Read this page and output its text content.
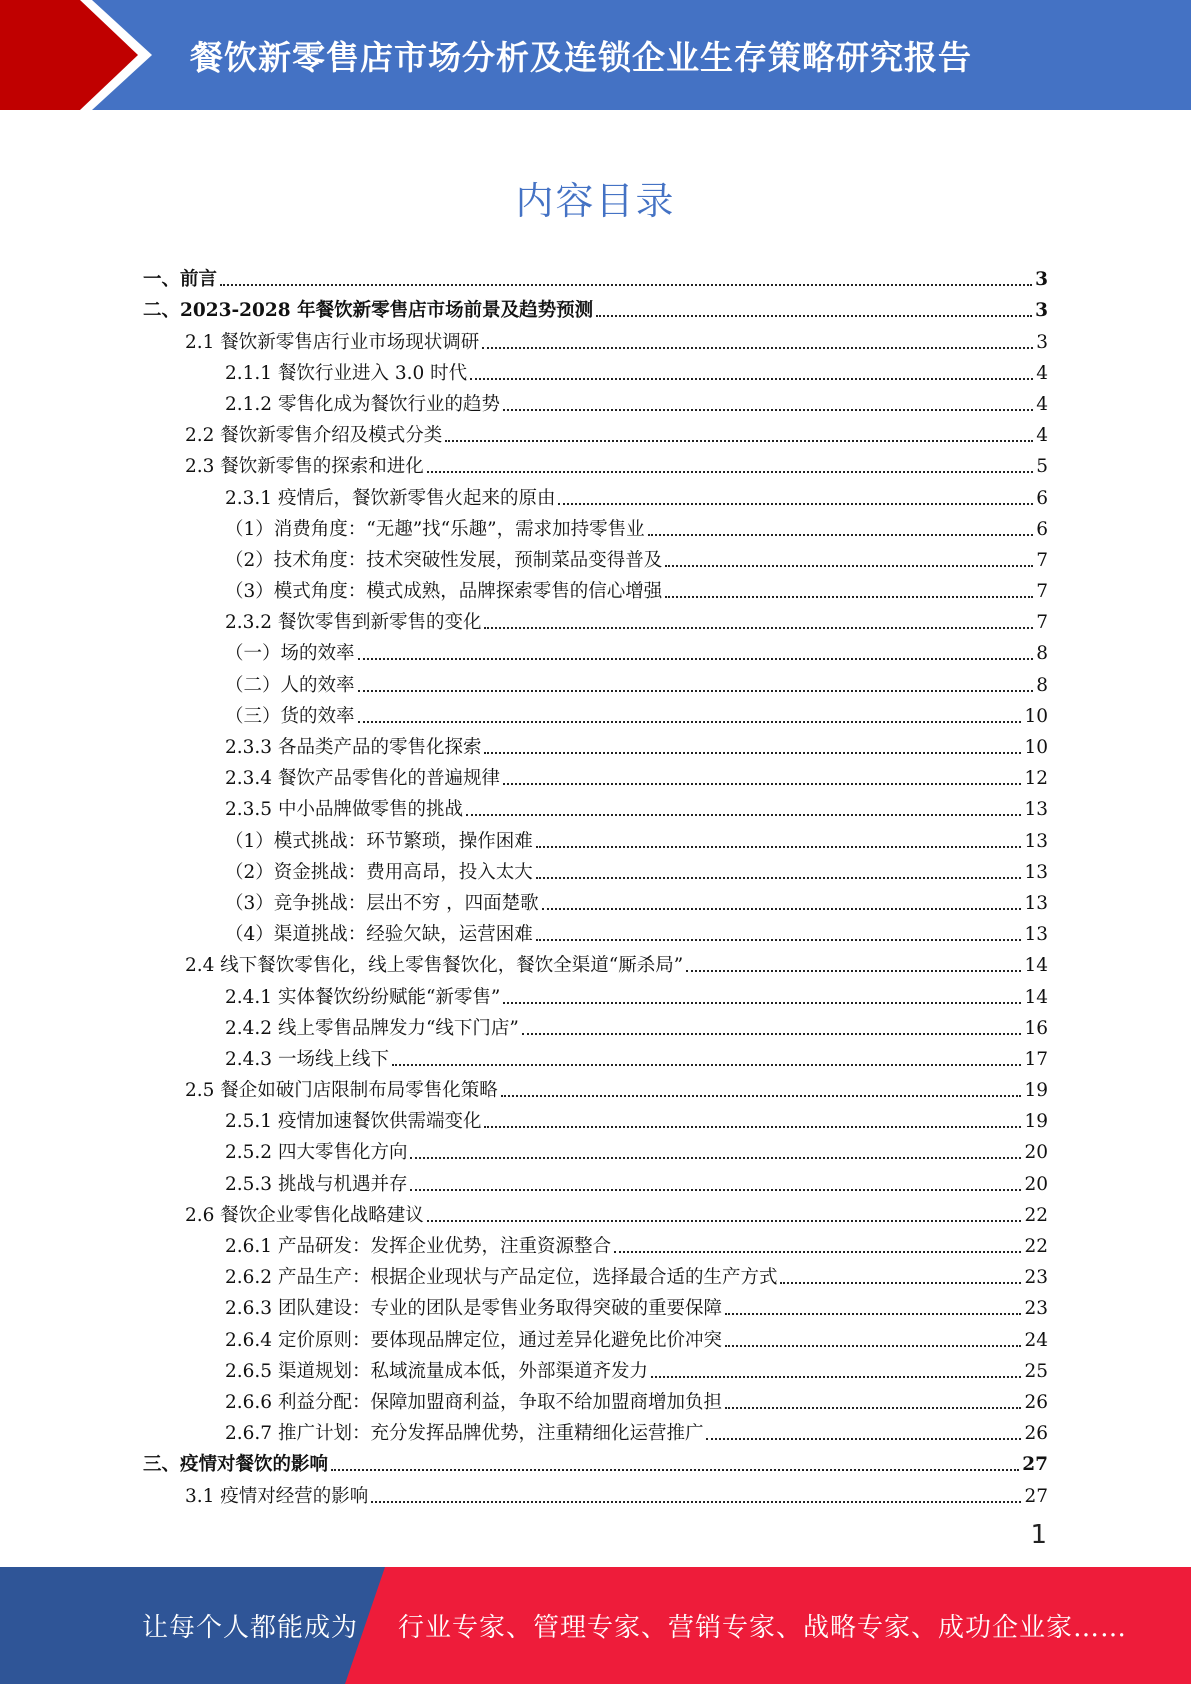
餐饮新零售店市场分析及连锁企业生存策略研究报告
内容目录
一、前言	3
二、2023-2028 年餐饮新零售店市场前景及趋势预测	3
2.1 餐饮新零售店行业市场现状调研	3
2.1.1 餐饮行业进入 3.0 时代	4
2.1.2 零售化成为餐饮行业的趋势	4
2.2 餐饮新零售介绍及模式分类	4
2.3 餐饮新零售的探索和进化	5
2.3.1 疫情后，餐饮新零售火起来的原由	6
（1）消费角度：“无趣”找“乐趣”，需求加持零售业	6
（2）技术角度：技术突破性发展，预制菜品变得普及	7
（3）模式角度：模式成熟，品牌探索零售的信心增强	7
2.3.2 餐饮零售到新零售的变化	7
（一）场的效率	8
（二）人的效率	8
（三）货的效率	10
2.3.3 各品类产品的零售化探索	10
2.3.4 餐饮产品零售化的普遍规律	12
2.3.5 中小品牌做零售的挑战	13
（1）模式挑战：环节繁琐，操作困难	13
（2）资金挑战：费用高昂，投入太大	13
（3）竞争挑战：层出不穷 ，四面楚歌	13
（4）渠道挑战：经验欠缺，运营困难	13
2.4 线下餐饮零售化，线上零售餐饮化，餐饮全渠道“厮杀局”	14
2.4.1 实体餐饮纷纷赋能“新零售”	14
2.4.2 线上零售品牌发力“线下门店”	16
2.4.3 一场线上线下	17
2.5 餐企如破门店限制布局零售化策略	19
2.5.1 疫情加速餐饮供需端变化	19
2.5.2 四大零售化方向	20
2.5.3 挑战与机遇并存	20
2.6 餐饮企业零售化战略建议	22
2.6.1 产品研发：发挥企业优势，注重资源整合	22
2.6.2 产品生产：根据企业现状与产品定位，选择最合适的生产方式	23
2.6.3 团队建设：专业的团队是零售业务取得突破的重要保障	23
2.6.4 定价原则：要体现品牌定位，通过差异化避免比价冲突	24
2.6.5 渠道规划：私域流量成本低，外部渠道齐发力	25
2.6.6 利益分配：保障加盟商利益，争取不给加盟商增加负担	26
2.6.7 推广计划：充分发挥品牌优势，注重精细化运营推广	26
三、疫情对餐饮的影响	27
3.1 疫情对经营的影响	27
1
让每个人都能成为 行业专家、管理专家、营销专家、战略专家、成功企业家……
